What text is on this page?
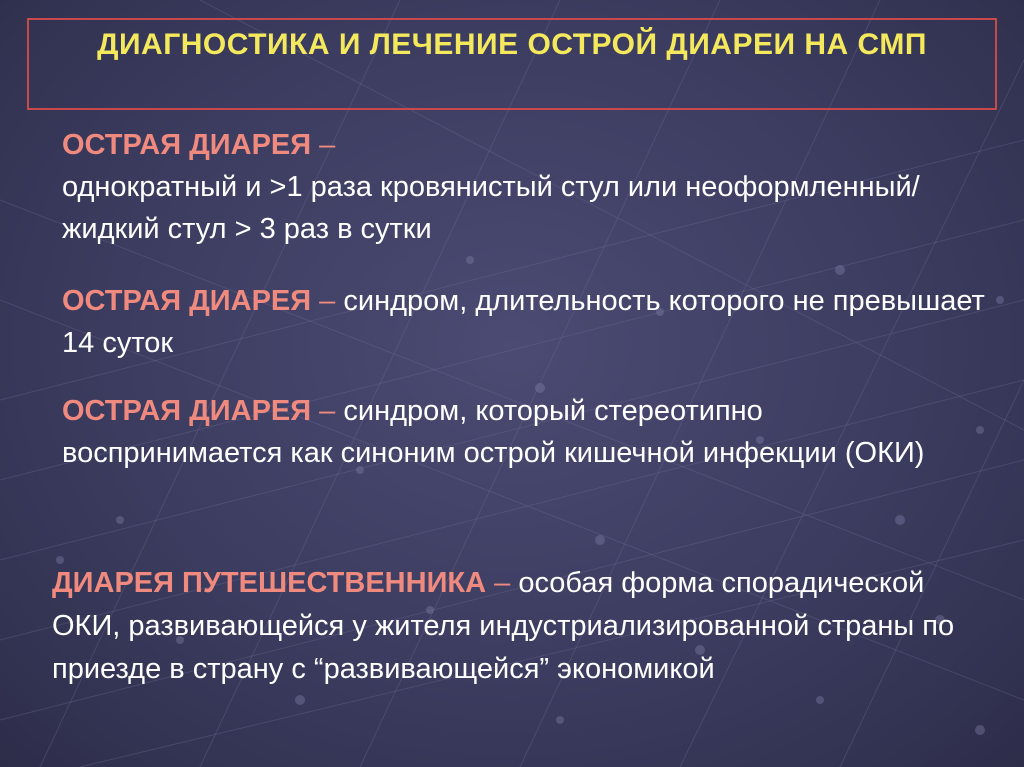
ДИАГНОСТИКА И ЛЕЧЕНИЕ ОСТРОЙ ДИАРЕИ НА СМП
ОСТРАЯ ДИАРЕЯ –
однократный и >1 раза кровянистый стул или неоформленный/жидкий стул > 3 раз в сутки
ОСТРАЯ ДИАРЕЯ – синдром, длительность которого не превышает 14 суток
ОСТРАЯ ДИАРЕЯ – синдром, который стереотипно воспринимается как синоним острой кишечной инфекции (ОКИ)
ДИАРЕЯ ПУТЕШЕСТВЕННИКА – особая форма спорадической ОКИ, развивающейся у жителя индустриализированной страны по приезде в страну с “развивающейся” экономикой
